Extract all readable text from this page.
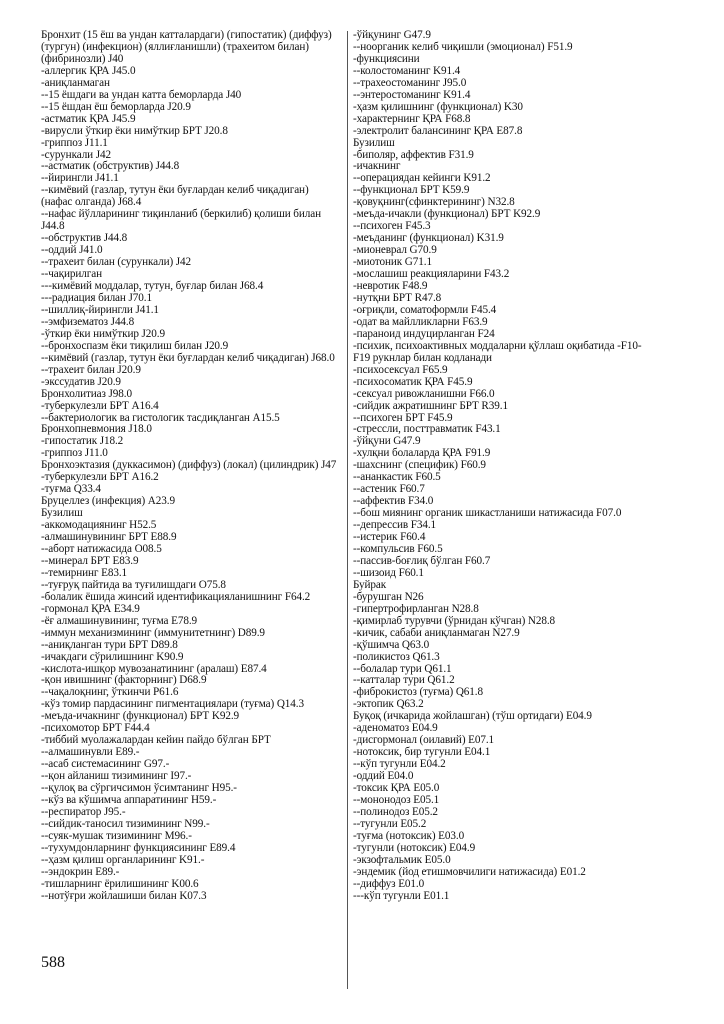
Бронхит (15 ёш ва ундан катталардаги) (гипостатик) (диффуз) (тургун) (инфекцион) (яллиғланишли) (трахеитом билан) (фибринозли) J40
-аллергик ҚРА J45.0
-аниқланмаган
--15 ёшдаги ва ундан катта беморларда J40
--15 ёшдан ёш беморларда J20.9
-астматик ҚРА J45.9
-вирусли ўткир ёки нимўткир БРТ J20.8
-гриппоз J11.1
-сурункали J42
--астматик (обструктив) J44.8
--йирингли J41.1
--кимёвий (газлар, тутун ёки буғлардан келиб чиқадиган) (нафас олганда) J68.4
--нафас йўлларининг тиқинланиб (беркилиб) қолиши билан J44.8
--обструктив J44.8
--оддий J41.0
--трахеит билан (сурункали) J42
--чақирилган
---кимёвий моддалар, тутун, буғлар билан J68.4
---радиация билан J70.1
--шиллиқ-йирингли J41.1
--эмфизематоз J44.8
-ўткир ёки нимўткир J20.9
--бронхоспазм ёки тиқилиш билан J20.9
--кимёвий (газлар, тутун ёки буғлардан келиб чиқадиган) J68.0
--трахеит билан J20.9
-экссудатив J20.9
Бронхолитиаз J98.0
-туберкулезли БРТ A16.4
--бактериологик ва гистологик тасдиқланган A15.5
Бронхопневмония J18.0
-гипостатик J18.2
-гриппоз J11.0
Бронхоэктазия (дуккасимон) (диффуз) (локал) (цилиндрик) J47
-туберкулезли БРТ A16.2
-туғма Q33.4
Бруцеллез (инфекция) A23.9
Бузилиш
-аккомодациянинг H52.5
-алмашинувининг БРТ E88.9
--аборт натижасида O08.5
--минерал БРТ E83.9
--темирнинг E83.1
--туғруқ пайтида ва туғилишдаги O75.8
-болалик ёшида жинсий идентификацияланишнинг F64.2
-гормонал ҚРА E34.9
-ёғ алмашинувининг, туғма E78.9
-иммун механизмининг (иммунитетнинг) D89.9
--аниқланган тури БРТ D89.8
-ичакдаги сўрилишнинг K90.9
-кислота-ишқор мувозанатининг (аралаш) E87.4
-қон ивишнинг (факторнинг) D68.9
--чақалоқнинг, ўткинчи P61.6
-кўз томир пардасининг пигментациялари (туғма) Q14.3
-меъда-ичакнинг (функционал) БРТ K92.9
-психомотор БРТ F44.4
-тиббий муолажалардан кейин пайдо бўлган БРТ
--алмашинувли E89.-
--асаб системасининг G97.-
--қон айланиш тизимининг I97.-
--қулоқ ва сўргичсимон ўсимтанинг H95.-
--кўз ва кўшимча аппаратининг H59.-
--респиратор J95.-
--сийдик-таносил тизимининг N99.-
--суяк-мушак тизимининг M96.-
--тухумдонларнинг функциясининг E89.4
--ҳазм қилиш органларининг K91.-
--эндокрин E89.-
-тишларнинг ёрилишининг K00.6
--нотўғри жойлашиши билан K07.3
-ўйқунинг G47.9
--ноорганик келиб чиқишли (эмоционал) F51.9
-функциясини
--колостоманинг K91.4
--трахеостоманинг J95.0
--энтеростоманинг K91.4
-ҳазм қилишнинг (функционал) K30
-характернинг ҚРА F68.8
-электролит балансининг ҚРА E87.8
Бузилиш
-биполяр, аффектив F31.9
-ичакнинг
--операциядан кейинги K91.2
--функционал БРТ K59.9
-қовуқнинг(сфинктерининг) N32.8
-меъда-ичакли (функционал) БРТ K92.9
--психоген F45.3
-меъданинг (функционал) K31.9
-мионеврал G70.9
-миотоник G71.1
-мослашиш реакцияларини F43.2
-невротик F48.9
-нутқни БРТ R47.8
-оғриқли, соматоформли F45.4
-одат ва майлликларни F63.9
-параноид индуцирланган F24
-психик, психоактивных моддаларни қўллаш оқибатида -F10-F19 рукнлар билан кодланади
-психосексуал F65.9
-психосоматик ҚРА F45.9
-сексуал ривожланишни F66.0
-сийдик ажратишнинг БРТ R39.1
--психоген БРТ F45.9
-стрессли, посттравматик F43.1
-ўйқуни G47.9
-хулқни болаларда ҚРА F91.9
-шахснинг (специфик) F60.9
--ананкастик F60.5
--астеник F60.7
--аффектив F34.0
--бош миянинг органик шикастланиши натижасида F07.0
--депрессив F34.1
--истерик F60.4
--компульсив F60.5
--пассив-боғлиқ бўлган F60.7
--шизоид F60.1
Буйрак
-бурушган N26
-гипертрофирланган N28.8
-қимирлаб турувчи (ўрнидан кўчган) N28.8
-кичик, сабаби аниқланмаган N27.9
-қўшимча Q63.0
-поликистоз Q61.3
--болалар тури Q61.1
--катталар тури Q61.2
-фиброкистоз (туғма) Q61.8
-эктопик Q63.2
Буқоқ (ичкарида жойлашган) (тўш ортидаги) E04.9
-аденоматоз E04.9
-дисгормонал (оилавий) E07.1
-нотоксик, бир тугунли E04.1
--кўп тугунли E04.2
-оддий E04.0
-токсик ҚРА E05.0
--мононодоз E05.1
--полинодоз E05.2
--тугунли E05.2
-туғма (нотоксик) E03.0
-тугунли (нотоксик) E04.9
-экзофтальмик E05.0
-эндемик (йод етишмовчилиги натижасида) E01.2
--диффуз E01.0
---кўп тугунли E01.1
588
